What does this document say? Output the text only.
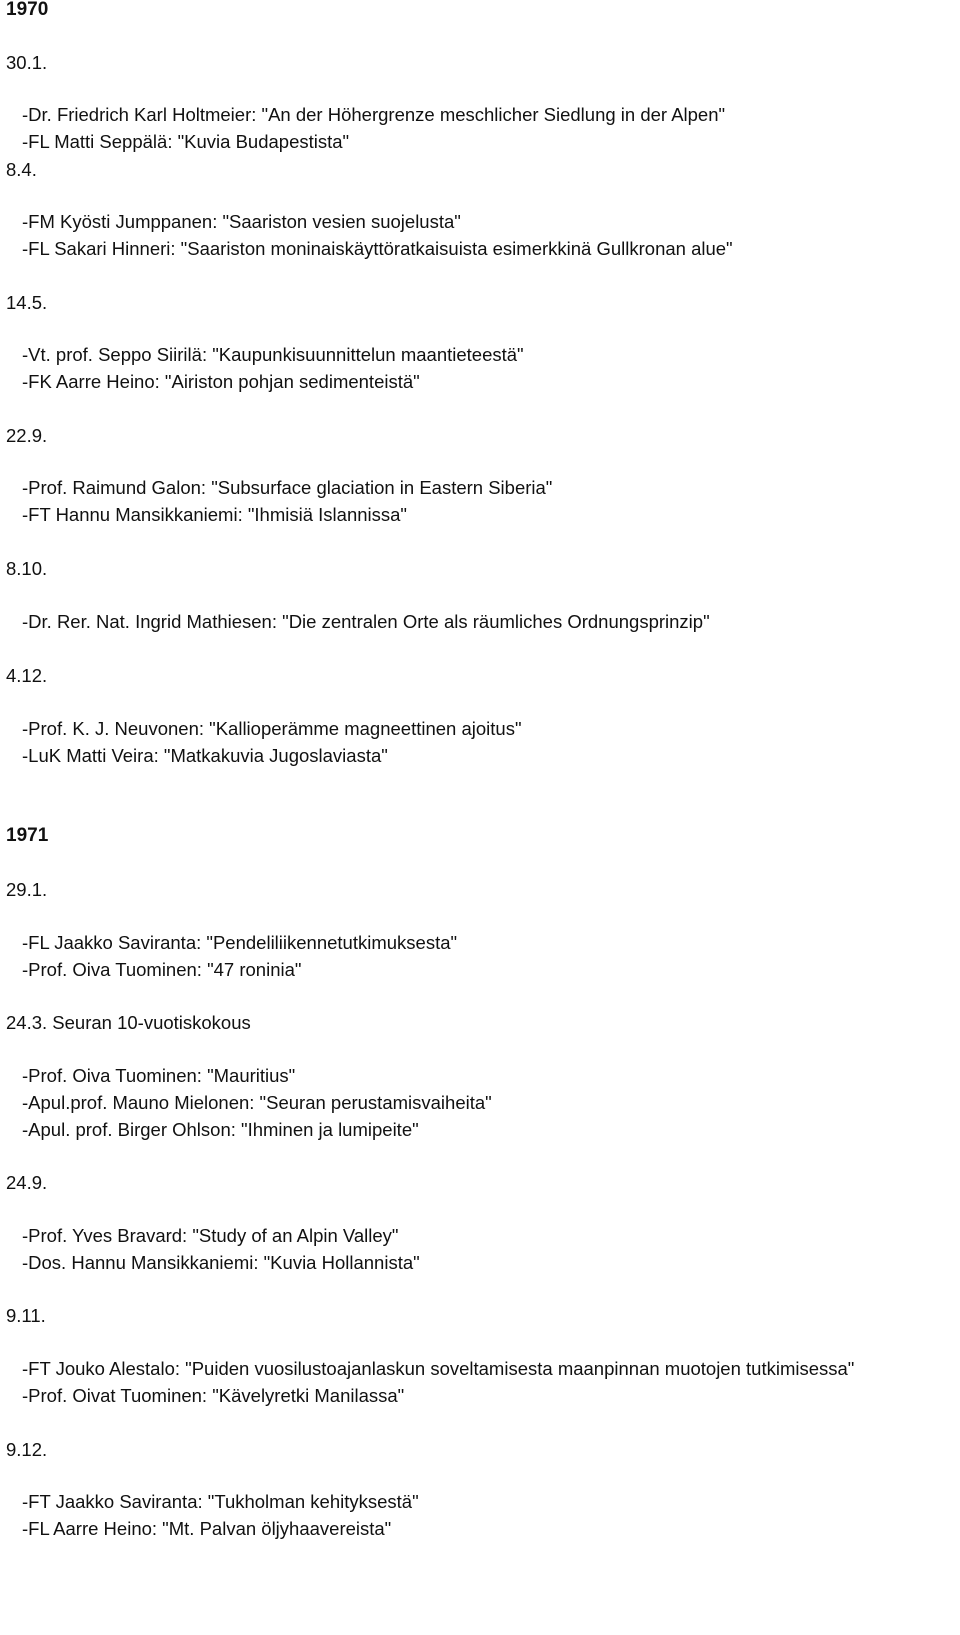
1970
30.1.
-Dr. Friedrich Karl Holtmeier: "An der Höhergrenze meschlicher Siedlung in der Alpen"
-FL Matti Seppälä: "Kuvia Budapestista"
8.4.
-FM Kyösti Jumppanen: "Saariston vesien suojelusta"
-FL Sakari Hinneri: "Saariston moninaiskäyttöratkaisuista esimerkkinä Gullkronan alue"
14.5.
-Vt. prof. Seppo Siirilä: "Kaupunkisuunnittelun maantieteestä"
-FK Aarre Heino: "Airiston pohjan sedimenteistä"
22.9.
-Prof. Raimund Galon: "Subsurface glaciation in Eastern Siberia"
-FT Hannu Mansikkaniemi: "Ihmisiä Islannissa"
8.10.
-Dr. Rer. Nat. Ingrid Mathiesen: "Die zentralen Orte als räumliches Ordnungsprinzip"
4.12.
-Prof. K. J. Neuvonen: "Kallioperämme magneettinen ajoitus"
-LuK Matti Veira: "Matkakuvia Jugoslaviasta"
1971
29.1.
-FL Jaakko Saviranta: "Pendeliliikennetutkimuksesta"
-Prof. Oiva Tuominen: "47 roninia"
24.3. Seuran 10-vuotiskokous
-Prof. Oiva Tuominen: "Mauritius"
-Apul.prof. Mauno Mielonen: "Seuran perustamisvaiheita"
-Apul. prof. Birger Ohlson: "Ihminen ja lumipeite"
24.9.
-Prof. Yves Bravard: "Study of an Alpin Valley"
-Dos. Hannu Mansikkaniemi: "Kuvia Hollannista"
9.11.
-FT Jouko Alestalo: "Puiden vuosilustoajanlaskun soveltamisesta maanpinnan muotojen tutkimisessa"
-Prof. Oivat Tuominen: "Kävelyretki Manilassa"
9.12.
-FT Jaakko Saviranta: "Tukholman kehityksestä"
-FL Aarre Heino: "Mt. Palvan öljyhaavereista"
